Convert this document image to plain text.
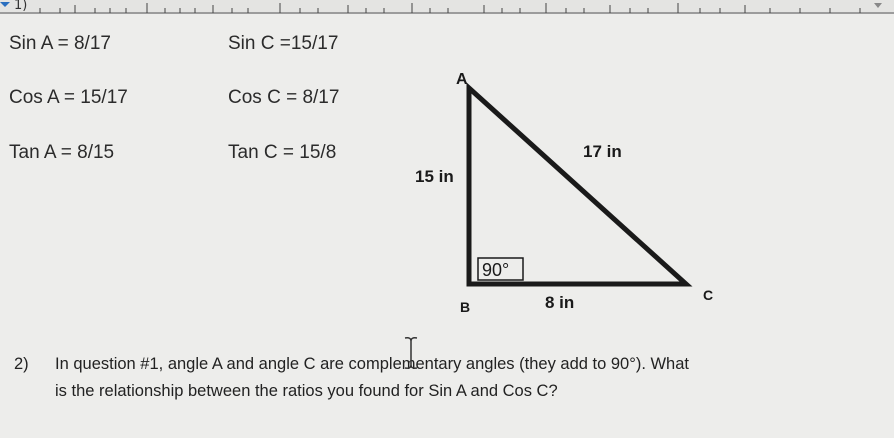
1)
Sin A = 8/17	Sin C =15/17
Cos A = 15/17	Cos C = 8/17
Tan A = 8/15	Tan C = 15/8
90°
A
B
C
15 in
17 in
8 in
2) In question #1, angle A and angle C are complementary angles (they add to 90°). What
is the relationship between the ratios you found for Sin A and Cos C?
